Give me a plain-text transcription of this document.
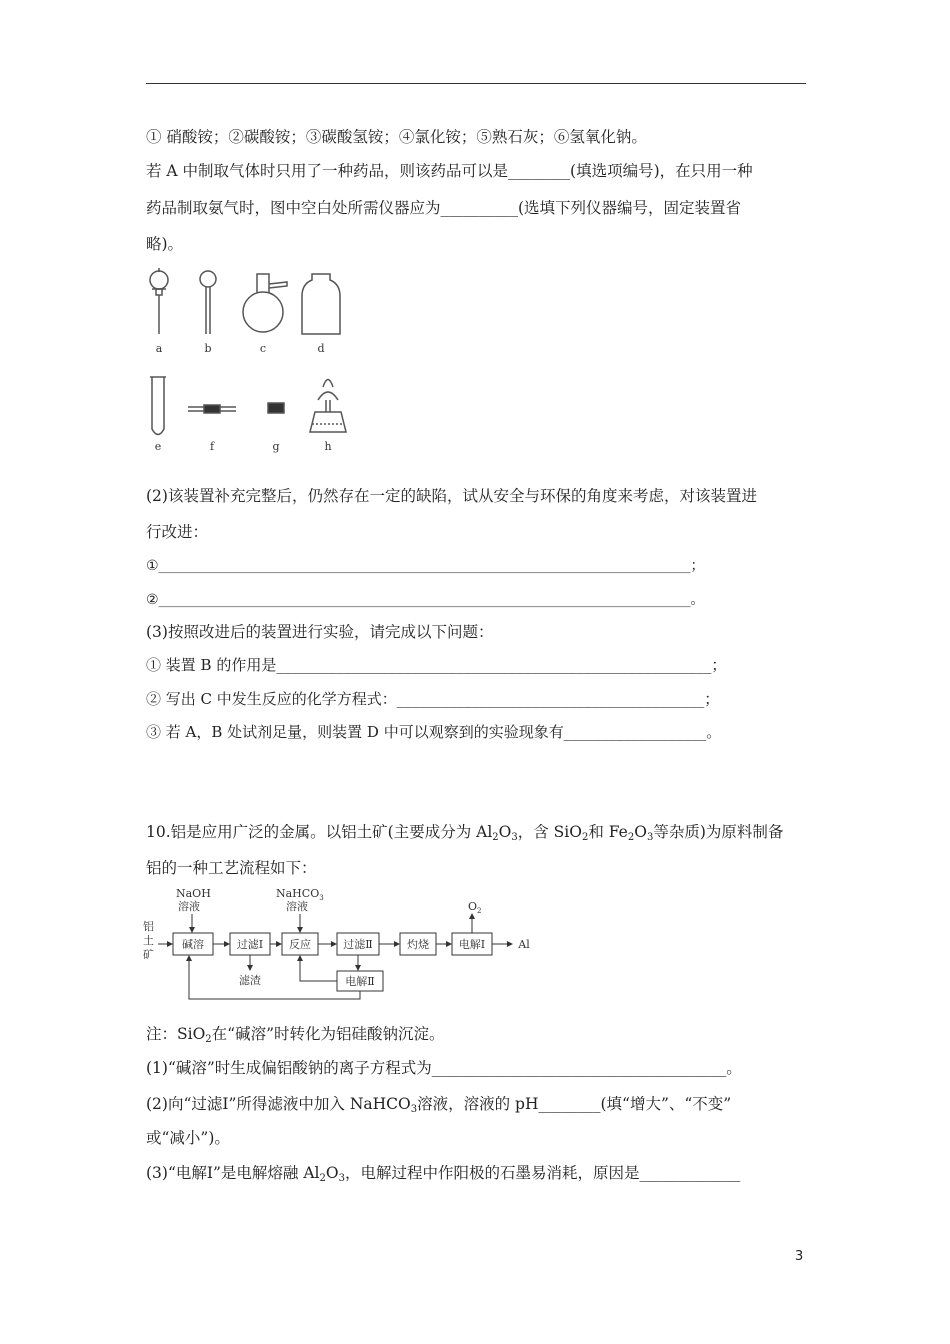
① 硝酸铵；②碳酸铵；③碳酸氢铵；④氯化铵；⑤熟石灰；⑥氢氧化钠。
若 A 中制取气体时只用了一种药品，则该药品可以是________(填选项编号)，在只用一种
药品制取氨气时，图中空白处所需仪器应为__________(选填下列仪器编号，固定装置省
略)。
a	b	c	d
e	f	g	h
(2)该装置补充完整后，仍然存在一定的缺陷，试从安全与环保的角度来考虑，对该装置进
行改进：
①____________________________________________________________________________；
②____________________________________________________________________________。
(3)按照改进后的装置进行实验，请完成以下问题：
① 装置 B 的作用是__________________________________________________________；
② 写出 C 中发生反应的化学方程式：_________________________________________；
③ 若 A，B 处试剂足量，则装置 D 中可以观察到的实验现象有___________________。
10.铝是应用广泛的金属。以铝土矿(主要成分为 $Al_2O_3$，含 SiO$_2$和 $Fe_2O_3$等杂质)为原料制备
铝的一种工艺流程如下：
铝
土
矿
NaOH
溶液
NaHCO$_3$
溶液	$O_2$
碱溶	过滤Ⅰ 反应	过滤Ⅱ	灼烧	电解Ⅰ	Al
滤渣	电解Ⅱ
注：SiO$_2$在“碱溶”时转化为铝硅酸钠沉淀。
(1)“碱溶”时生成偏铝酸钠的离子方程式为______________________________________。
(2)向“过滤Ⅰ”所得滤液中加入 NaHCO$_3$溶液，溶液的 pH________(填“增大”、“不变”
或“减小”)。
(3)“电解Ⅰ”是电解熔融 $Al_2O_3$，电解过程中作阳极的石墨易消耗，原因是_____________
3
